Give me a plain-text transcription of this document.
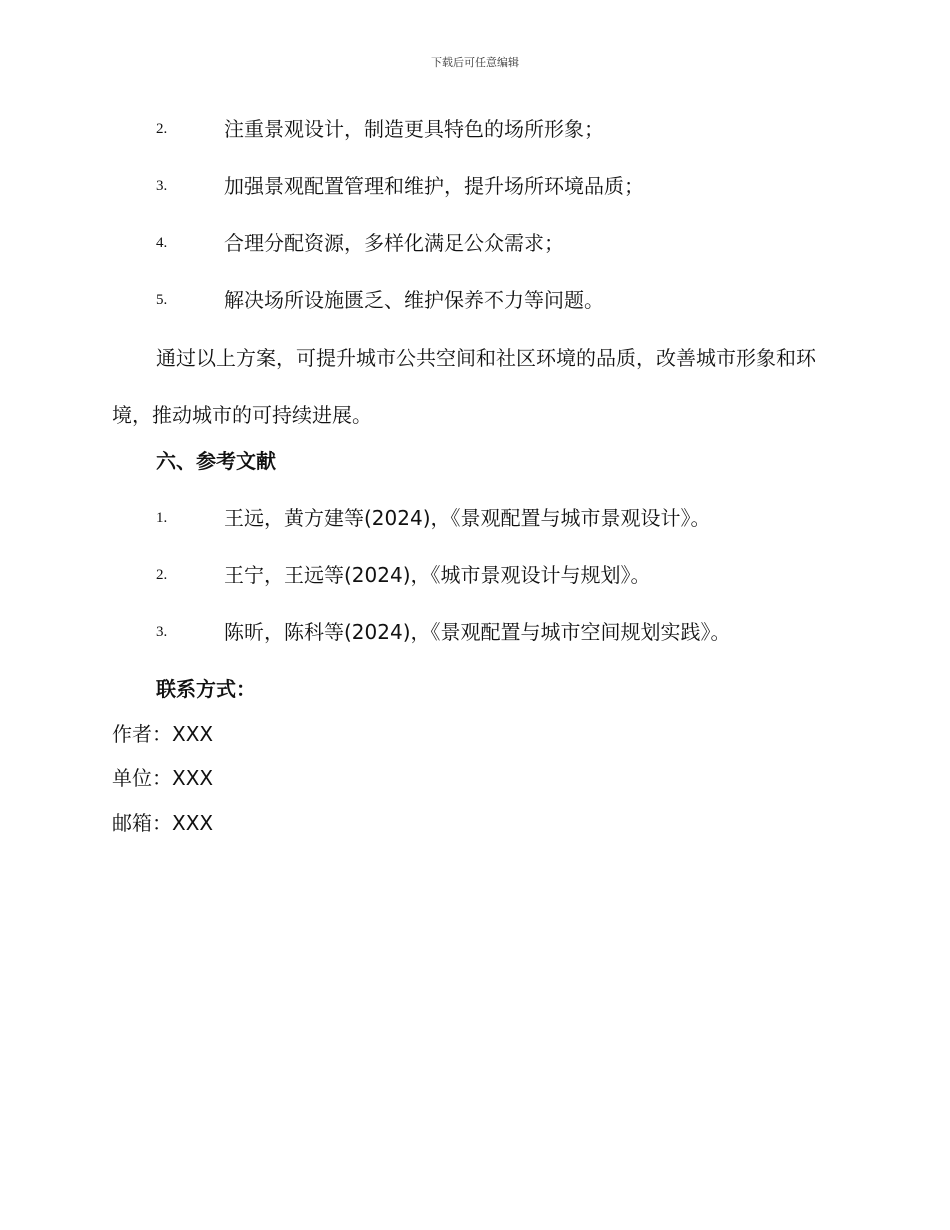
下载后可任意编辑
2.	注重景观设计，制造更具特色的场所形象；
3.	加强景观配置管理和维护，提升场所环境品质；
4.	合理分配资源，多样化满足公众需求；
5.	解决场所设施匮乏、维护保养不力等问题。
通过以上方案，可提升城市公共空间和社区环境的品质，改善城市形象和环境，推动城市的可持续进展。
六、参考文献
1.	王远，黄方建等(2024)，《景观配置与城市景观设计》。
2.	王宁，王远等(2024)，《城市景观设计与规划》。
3.	陈昕，陈科等(2024)，《景观配置与城市空间规划实践》。
联系方式：
作者：XXX
单位：XXX
邮箱：XXX
